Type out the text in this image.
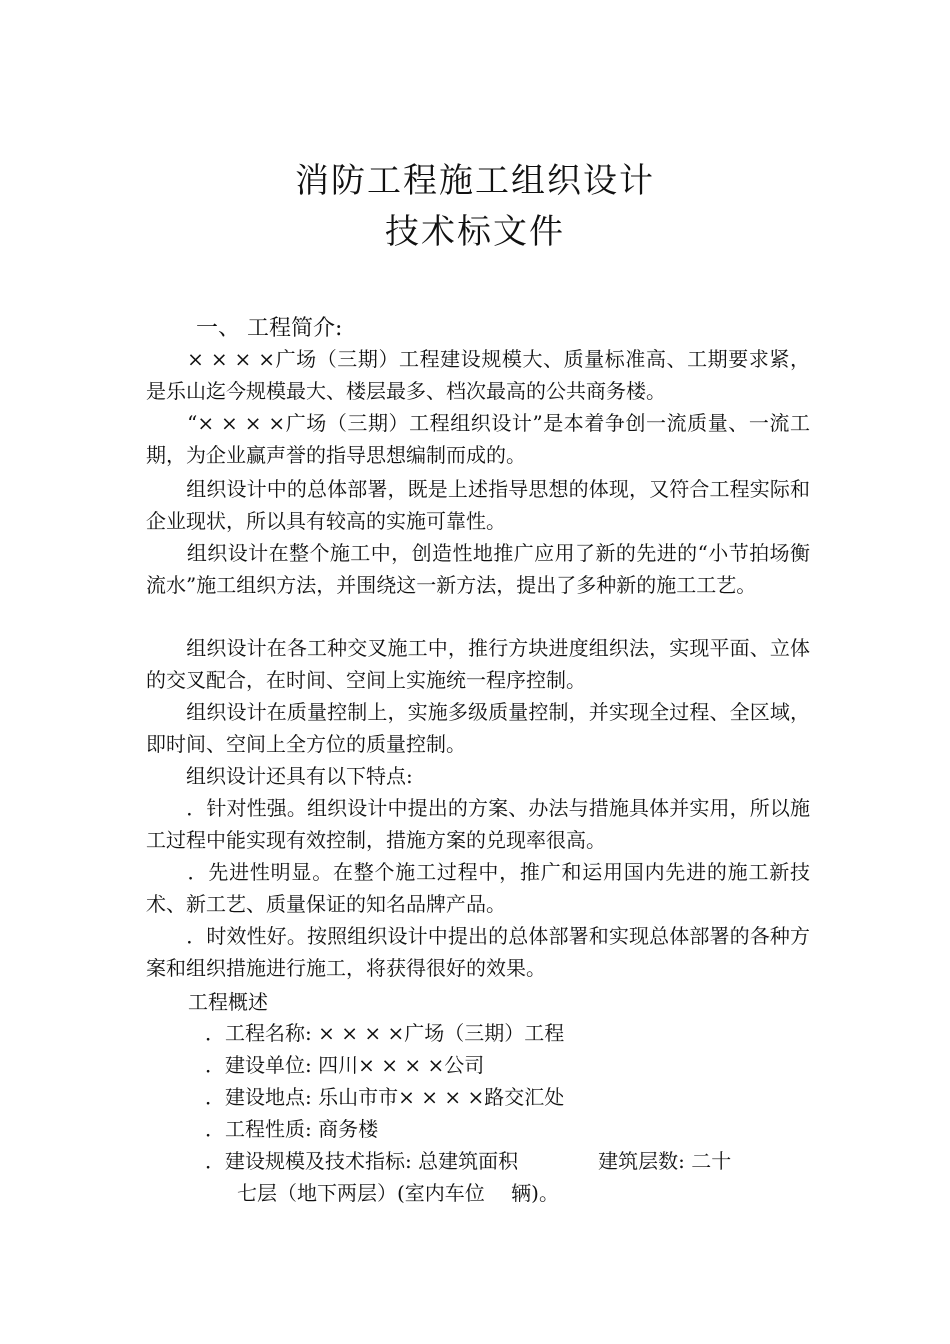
消防工程施工组织设计
技术标文件
一、 工程简介:

　　× × × ×广场（三期）工程建设规模大、质量标准高、工期要求紧，是乐山迄今规模最大、楼层最多、档次最高的公共商务楼。

　　“× × × ×广场（三期）工程组织设计”是本着争创一流质量、一流工期，为企业赢声誉的指导思想编制而成的。

　　组织设计中的总体部署，既是上述指导思想的体现，又符合工程实际和企业现状，所以具有较高的实施可靠性。

　　组织设计在整个施工中，创造性地推广应用了新的先进的“小节拍场衡流水”施工组织方法，并围绕这一新方法，提出了多种新的施工工艺。

　　组织设计在各工种交叉施工中，推行方块进度组织法，实现平面、立体的交叉配合，在时间、空间上实施统一程序控制。

　　组织设计在质量控制上，实施多级质量控制，并实现全过程、全区域，即时间、空间上全方位的质量控制。

　　组织设计还具有以下特点:

　　．针对性强。组织设计中提出的方案、办法与措施具体并实用，所以施工过程中能实现有效控制，措施方案的兑现率很高。

　　．先进性明显。在整个施工过程中，推广和运用国内先进的施工新技术、新工艺、质量保证的知名品牌产品。

　　．时效性好。按照组织设计中提出的总体部署和实现总体部署的各种方案和组织措施进行施工，将获得很好的效果。

工程概述
．工程名称: × × × ×广场（三期）工程
．建设单位: 四川× × × ×公司
．建设地点: 乐山市市× × × ×路交汇处
．工程性质: 商务楼
．建设规模及技术指标: 总建筑面积　　　　建筑层数: 二十
七层（地下两层）(室内车位　 辆)。
